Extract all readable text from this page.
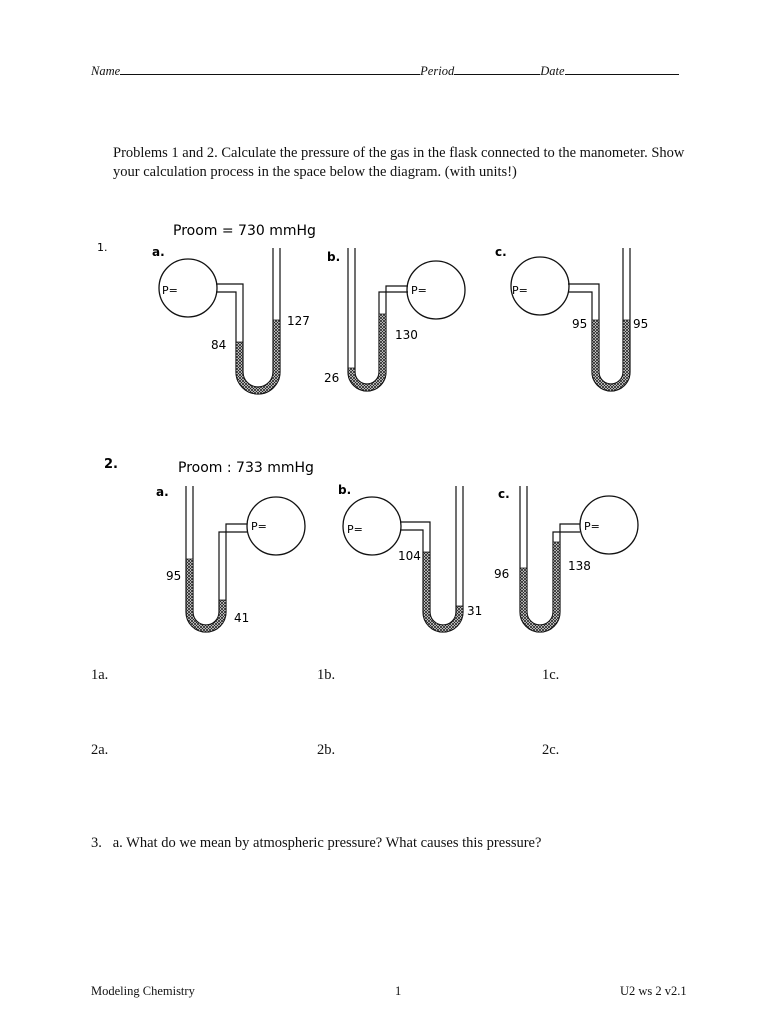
Name	Period	Date
Problems 1 and 2. Calculate the pressure of the gas in the flask connected to the manometer. Show your calculation process in the space below the diagram. (with units!)
1.
Proom = 730 mmHg
a.
P=
84
127
b.
P=
26
130
c.
P=
95	95
2.	Proom : 733 mmHg
a.
P=
95
41
b.
P=
104
31
c.
P=
96
138
1a.	1b.	1c.
2a.	2b.	2c.
3.   a. What do we mean by atmospheric pressure? What causes this pressure?
Modeling Chemistry	1	U2 ws 2 v2.1
